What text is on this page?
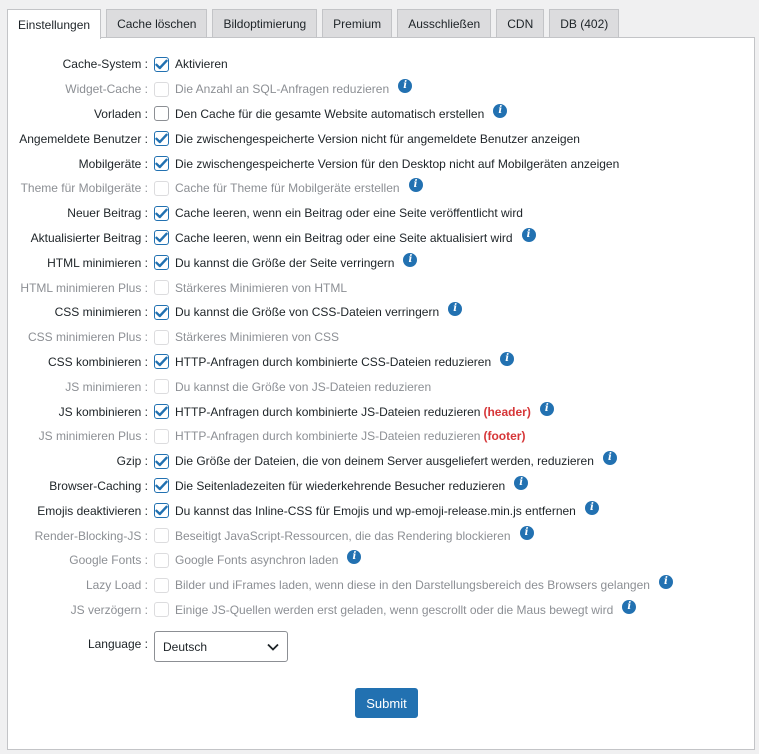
Einstellungen	Cache löschen	Bildoptimierung	Premium	Ausschließen	CDN	DB (402)
Cache-System : Aktivieren
Widget-Cache : Die Anzahl an SQL-Anfragen reduzieren	i
Vorladen : Den Cache für die gesamte Website automatisch erstellen	i
Angemeldete Benutzer : Die zwischengespeicherte Version nicht für angemeldete Benutzer anzeigen
Mobilgeräte : Die zwischengespeicherte Version für den Desktop nicht auf Mobilgeräten anzeigen
Theme für Mobilgeräte : Cache für Theme für Mobilgeräte erstellen	i
Neuer Beitrag : Cache leeren, wenn ein Beitrag oder eine Seite veröffentlicht wird
Aktualisierter Beitrag : Cache leeren, wenn ein Beitrag oder eine Seite aktualisiert wird	i
HTML minimieren : Du kannst die Größe der Seite verringern	i
HTML minimieren Plus : Stärkeres Minimieren von HTML
CSS minimieren : Du kannst die Größe von CSS-Dateien verringern	i
CSS minimieren Plus : Stärkeres Minimieren von CSS
CSS kombinieren : HTTP-Anfragen durch kombinierte CSS-Dateien reduzieren	i
JS minimieren : Du kannst die Größe von JS-Dateien reduzieren
JS kombinieren : HTTP-Anfragen durch kombinierte JS-Dateien reduzieren (header)	i
JS minimieren Plus : HTTP-Anfragen durch kombinierte JS-Dateien reduzieren (footer)
Gzip : Die Größe der Dateien, die von deinem Server ausgeliefert werden, reduzieren	i
Browser-Caching : Die Seitenladezeiten für wiederkehrende Besucher reduzieren	i
Emojis deaktivieren : Du kannst das Inline-CSS für Emojis und wp-emoji-release.min.js entfernen	i
Render-Blocking-JS : Beseitigt JavaScript-Ressourcen, die das Rendering blockieren	i
Google Fonts : Google Fonts asynchron laden	i
Lazy Load : Bilder und iFrames laden, wenn diese in den Darstellungsbereich des Browsers gelangen	i
JS verzögern : Einige JS-Quellen werden erst geladen, wenn gescrollt oder die Maus bewegt wird	i
Language : Deutsch
Submit
